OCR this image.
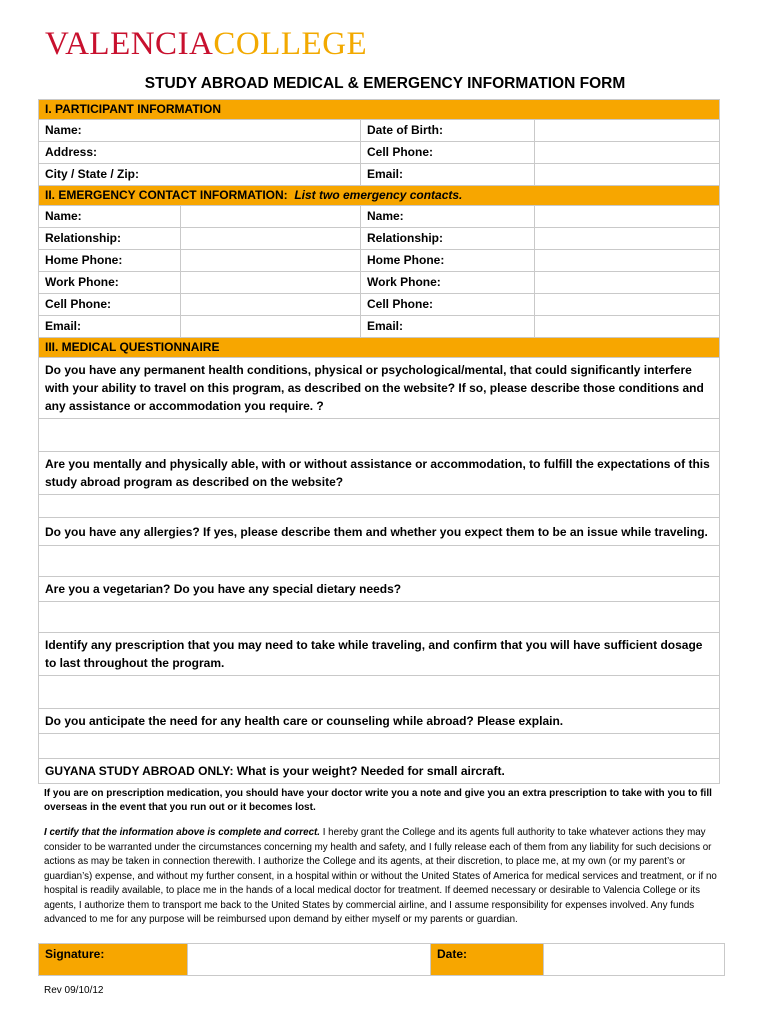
VALENCIACOLLEGE
STUDY ABROAD MEDICAL & EMERGENCY INFORMATION FORM
I. PARTICIPANT INFORMATION			
Name:		Date of Birth:	
Address:		Cell Phone:	
City / State / Zip:		Email:	
II. EMERGENCY CONTACT INFORMATION: List two emergency contacts.			
Name:		Name:	
Relationship:		Relationship:	
Home Phone:		Home Phone:	
Work Phone:		Work Phone:	
Cell Phone:		Cell Phone:	
Email:		Email:	
III. MEDICAL QUESTIONNAIRE			
Do you have any permanent health conditions, physical or psychological/mental, that could significantly interfere with your ability to travel on this program, as described on the website? If so, please describe those conditions and any assistance or accommodation you require. ?			

Are you mentally and physically able, with or without assistance or accommodation, to fulfill the expectations of this study abroad program as described on the website?			

Do you have any allergies? If yes, please describe them and whether you expect them to be an issue while traveling.			

Are you a vegetarian? Do you have any special dietary needs?			

Identify any prescription that you may need to take while traveling, and confirm that you will have sufficient dosage to last throughout the program.			

Do you anticipate the need for any health care or counseling while abroad? Please explain.			

GUYANA STUDY ABROAD ONLY: What is your weight? Needed for small aircraft.			
If you are on prescription medication, you should have your doctor write you a note and give you an extra prescription to take with you to fill overseas in the event that you run out or it becomes lost.
I certify that the information above is complete and correct. I hereby grant the College and its agents full authority to take whatever actions they may consider to be warranted under the circumstances concerning my health and safety, and I fully release each of them from any liability for such decisions or actions as may be taken in connection therewith. I authorize the College and its agents, at their discretion, to place me, at my own (or my parent’s or guardian’s) expense, and without my further consent, in a hospital within or without the United States of America for medical services and treatment, or if no hospital is readily available, to place me in the hands of a local medical doctor for treatment. If deemed necessary or desirable to Valencia College or its agents, I authorize them to transport me back to the United States by commercial airline, and I assume responsibility for expenses involved. Any funds advanced to me for any purpose will be reimbursed upon demand by either myself or my parents or guardian.
Signature:		Date:	
Rev 09/10/12
